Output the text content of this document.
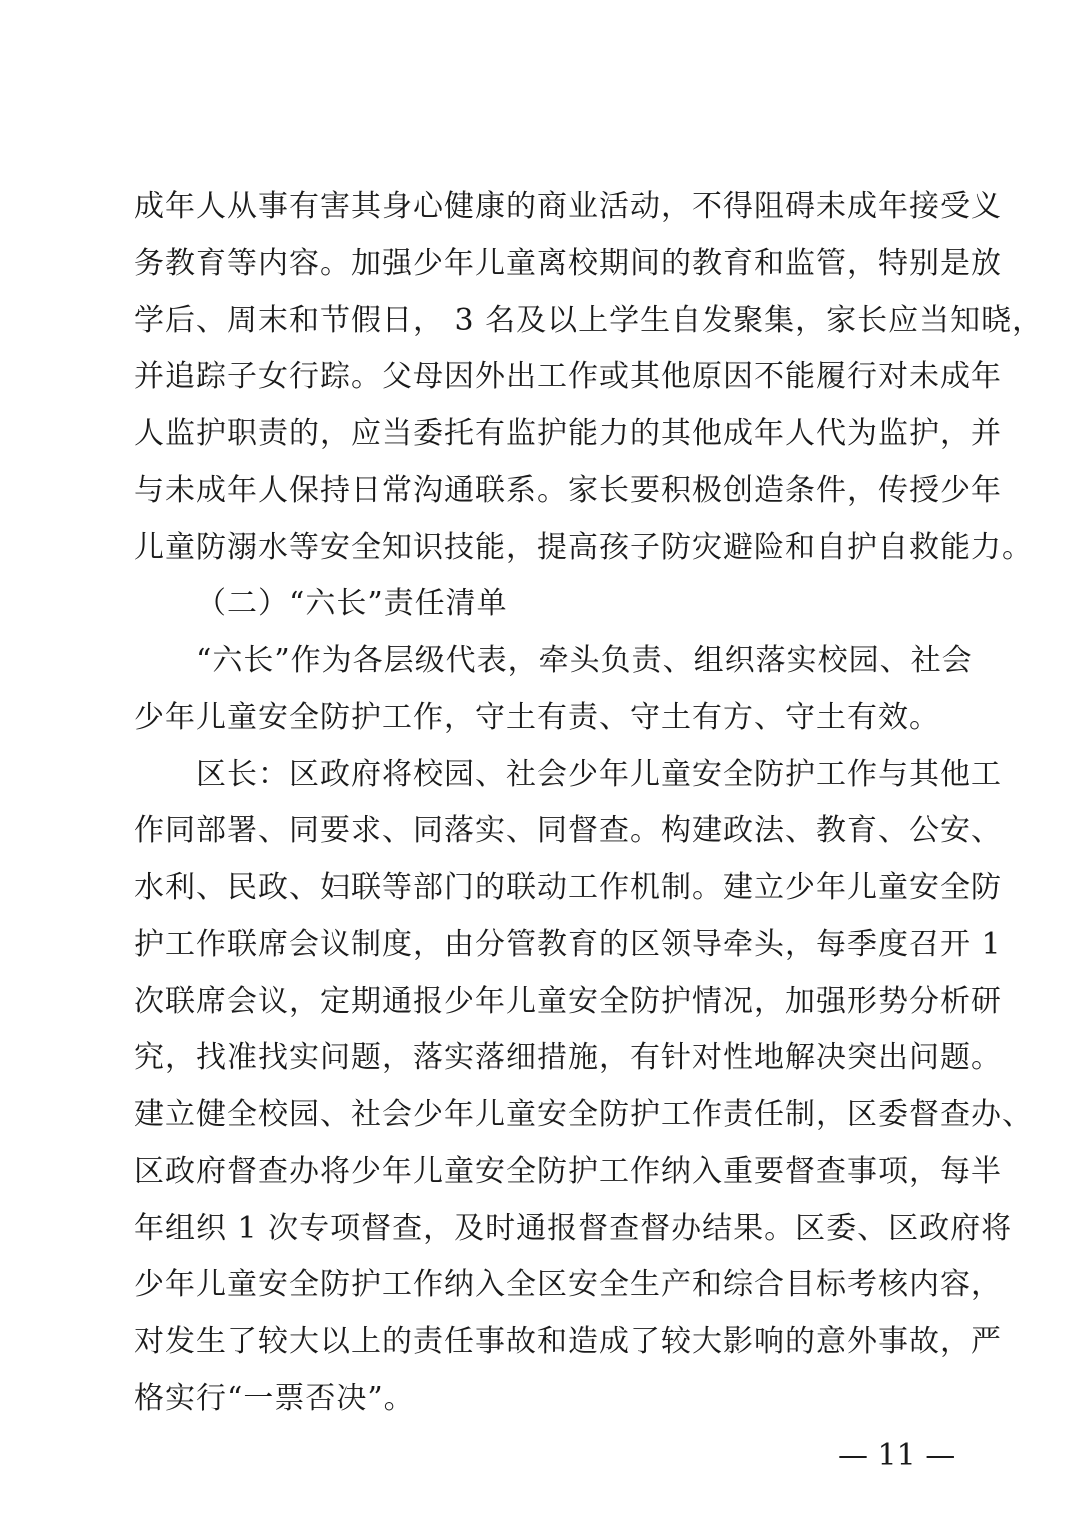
成年人从事有害其身心健康的商业活动，不得阻碍未成年接受义
务教育等内容。加强少年儿童离校期间的教育和监管，特别是放
学后、周末和节假日， 3 名及以上学生自发聚集，家长应当知晓，
并追踪子女行踪。父母因外出工作或其他原因不能履行对未成年
人监护职责的，应当委托有监护能力的其他成年人代为监护，并
与未成年人保持日常沟通联系。家长要积极创造条件，传授少年
儿童防溺水等安全知识技能，提高孩子防灾避险和自护自救能力。
（二）“六长”责任清单
“六长”作为各层级代表，牵头负责、组织落实校园、社会
少年儿童安全防护工作，守土有责、守土有方、守土有效。
区长：区政府将校园、社会少年儿童安全防护工作与其他工
作同部署、同要求、同落实、同督查。构建政法、教育、公安、
水利、民政、妇联等部门的联动工作机制。建立少年儿童安全防
护工作联席会议制度，由分管教育的区领导牵头，每季度召开 1
次联席会议，定期通报少年儿童安全防护情况，加强形势分析研
究，找准找实问题，落实落细措施，有针对性地解决突出问题。
建立健全校园、社会少年儿童安全防护工作责任制，区委督查办、
区政府督查办将少年儿童安全防护工作纳入重要督查事项，每半
年组织 1 次专项督查，及时通报督查督办结果。区委、区政府将
少年儿童安全防护工作纳入全区安全生产和综合目标考核内容，
对发生了较大以上的责任事故和造成了较大影响的意外事故，严
格实行“一票否决”。
— 11 —
